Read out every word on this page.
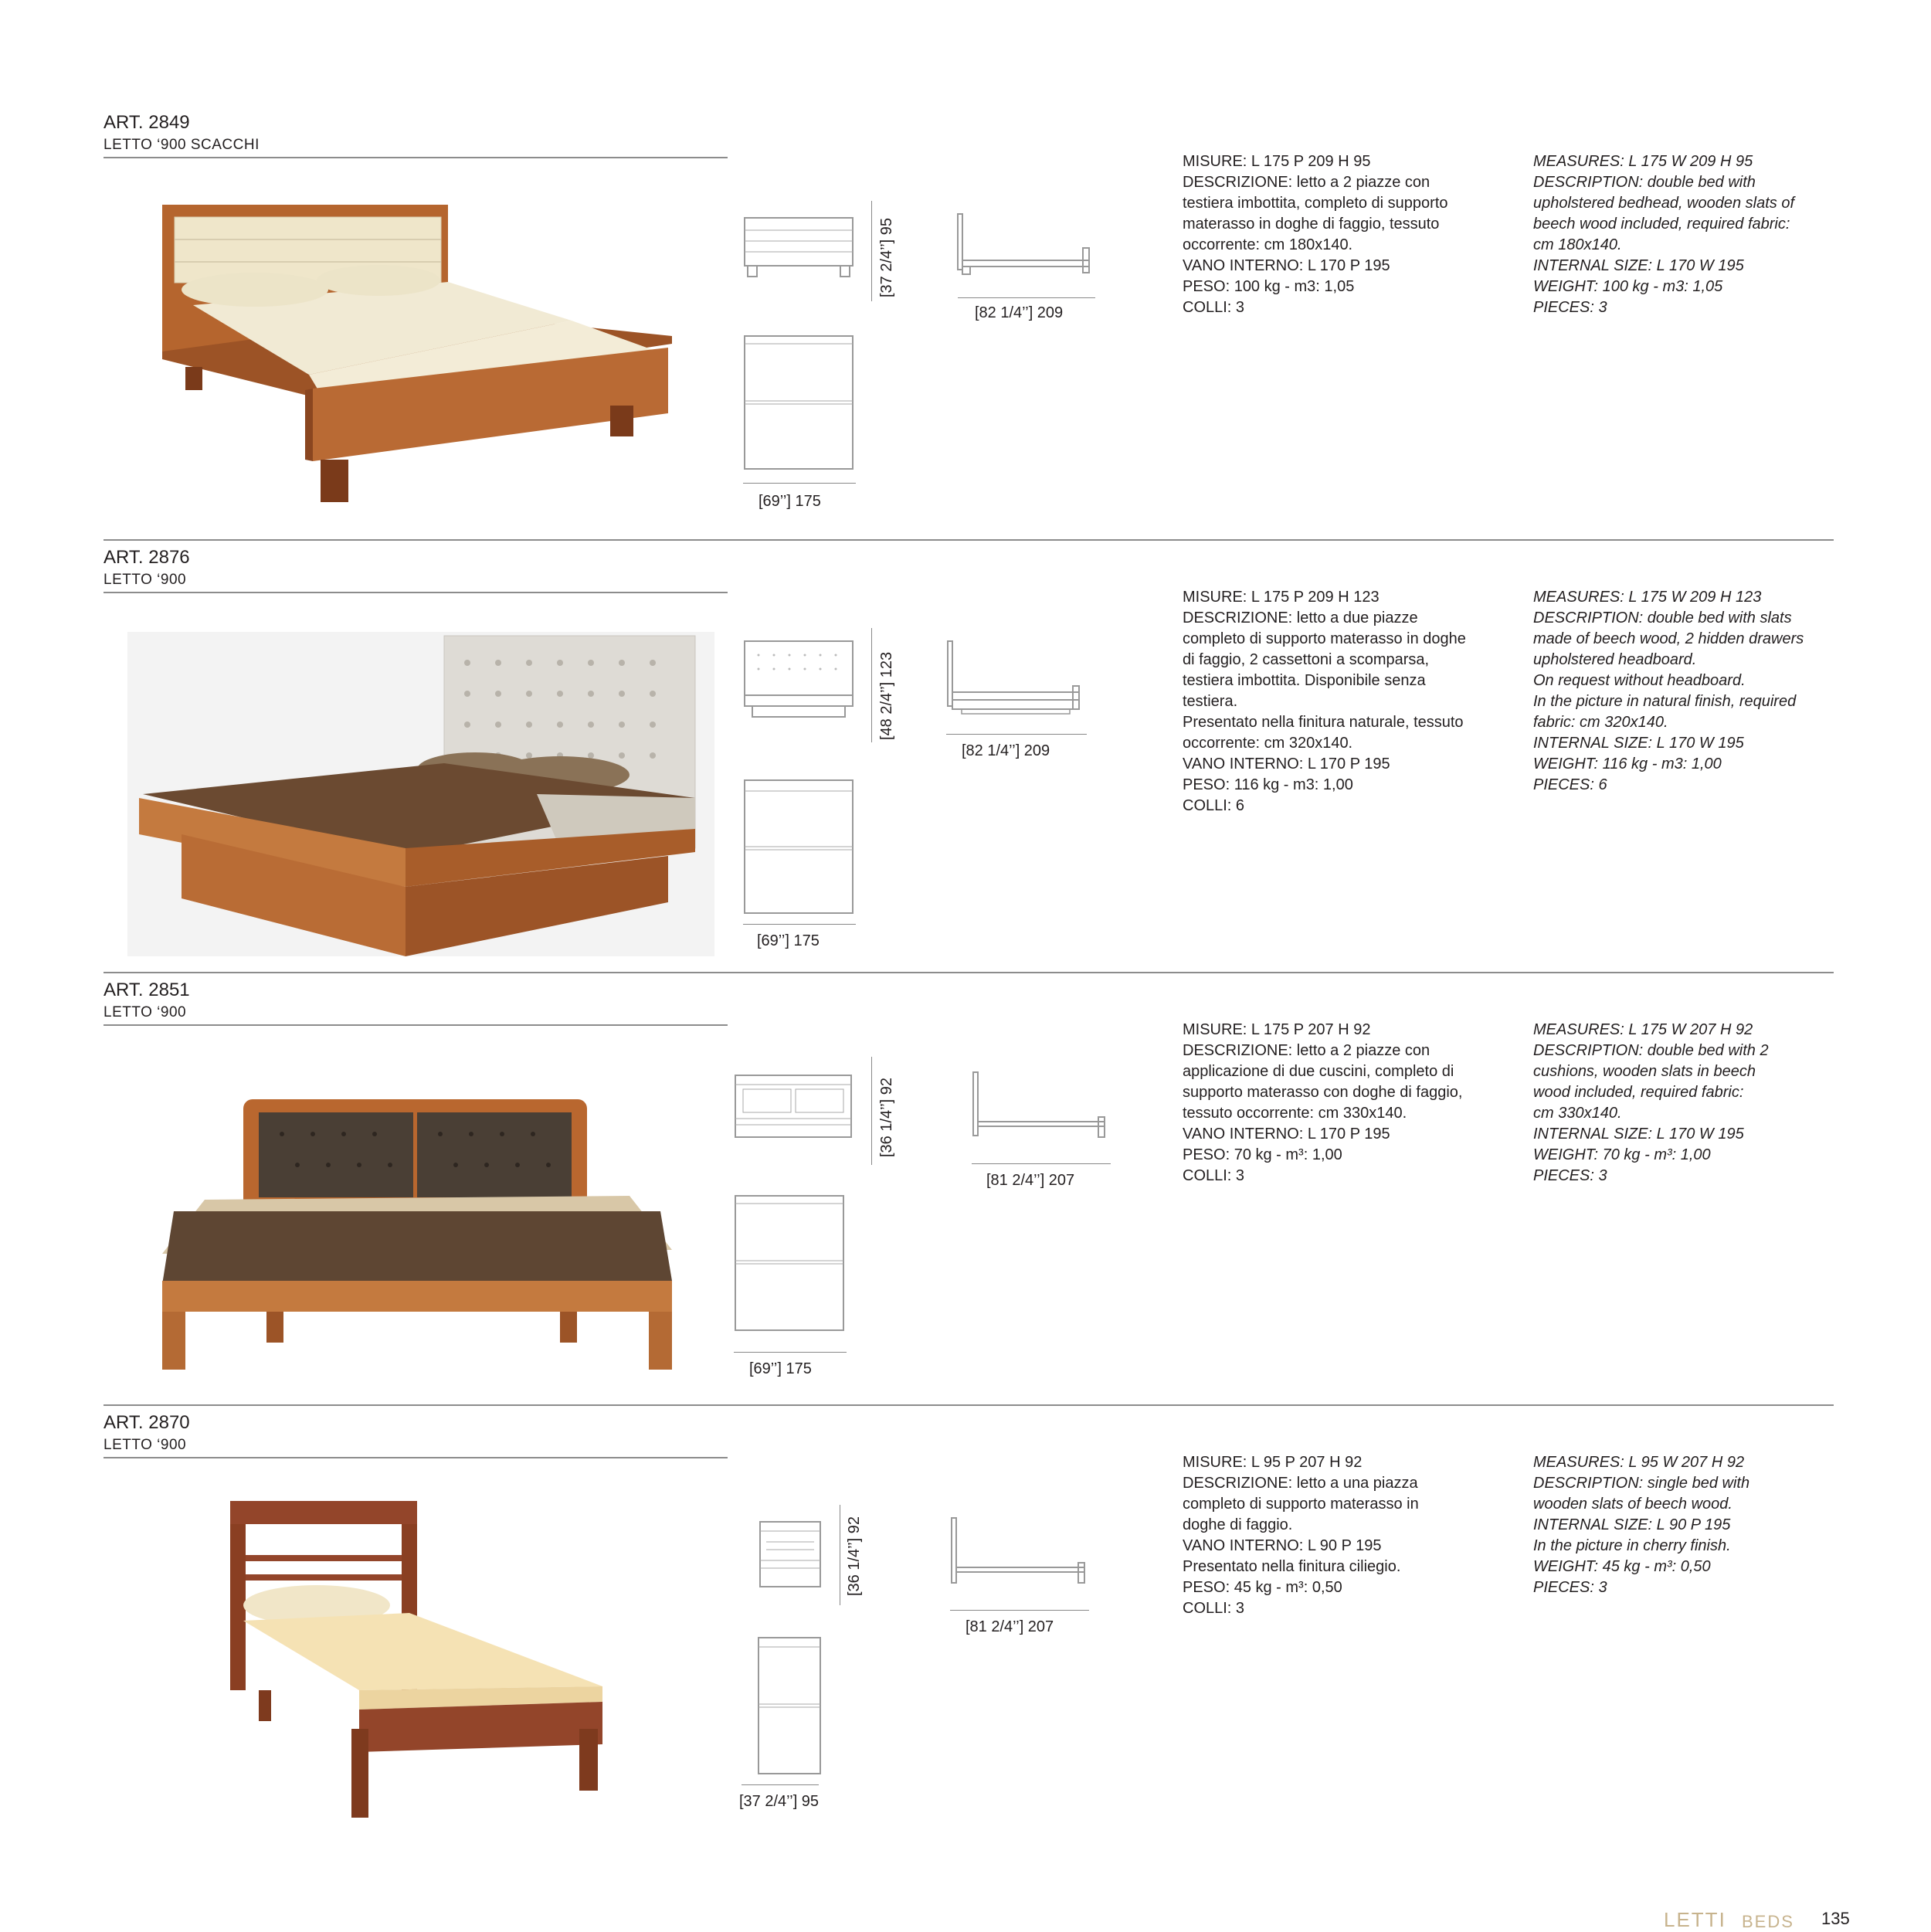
ART. 2849
LETTO ‘900 SCACCHI
[37 2/4’’] 95
[82 1/4’’] 209
[69’’] 175
MISURE: L 175 P 209 H 95
DESCRIZIONE: letto a 2 piazze con
testiera imbottita, completo di supporto
materasso in doghe di faggio, tessuto
occorrente: cm 180x140.
VANO INTERNO: L 170 P 195
PESO: 100 kg - m3: 1,05
COLLI: 3
MEASURES: L 175 W 209 H 95
DESCRIPTION: double bed with
upholstered bedhead, wooden slats of
beech wood included, required fabric:
cm 180x140.
INTERNAL SIZE: L 170 W 195
WEIGHT: 100 kg - m3: 1,05
PIECES: 3
ART. 2876
LETTO ‘900
[48 2/4’’] 123
[82 1/4’’] 209
[69’’] 175
MISURE: L 175 P 209 H 123
DESCRIZIONE: letto a due piazze
completo di supporto materasso in doghe
di faggio, 2 cassettoni a scomparsa,
testiera imbottita. Disponibile senza
testiera.
Presentato nella finitura naturale, tessuto
occorrente: cm 320x140.
VANO INTERNO: L 170 P 195
PESO: 116 kg - m3: 1,00
COLLI: 6
MEASURES: L 175 W 209 H 123
DESCRIPTION: double bed with slats
made of beech wood, 2 hidden drawers
upholstered headboard.
On request without headboard.
In the picture in natural finish, required
fabric: cm 320x140.
INTERNAL SIZE: L 170 W 195
WEIGHT: 116 kg - m3: 1,00
PIECES: 6
ART. 2851
LETTO ‘900
[36 1/4’’] 92
[81 2/4’’] 207
[69’’] 175
MISURE: L 175 P 207 H 92
DESCRIZIONE: letto a 2 piazze con
applicazione di due cuscini, completo di
supporto materasso con doghe di faggio,
tessuto occorrente: cm 330x140.
VANO INTERNO: L 170 P 195
PESO: 70 kg - m³: 1,00
COLLI: 3
MEASURES: L 175 W 207 H 92
DESCRIPTION: double bed with 2
cushions, wooden slats in beech
wood included, required fabric:
cm 330x140.
INTERNAL SIZE: L 170 W 195
WEIGHT: 70 kg - m³: 1,00
PIECES: 3
ART. 2870
LETTO ‘900
[36 1/4’’] 92
[81 2/4’’] 207
[37 2/4’’] 95
MISURE: L 95 P 207 H 92
DESCRIZIONE: letto a una piazza
completo di supporto materasso in
doghe di faggio.
VANO INTERNO: L 90 P 195
Presentato nella finitura ciliegio.
PESO: 45 kg - m³: 0,50
COLLI: 3
MEASURES: L 95 W 207 H 92
DESCRIPTION: single bed with
wooden slats of beech wood.
INTERNAL SIZE: L 90 P 195
In the picture in cherry finish.
WEIGHT: 45 kg - m³: 0,50
PIECES: 3
LETTI BEDS 135
